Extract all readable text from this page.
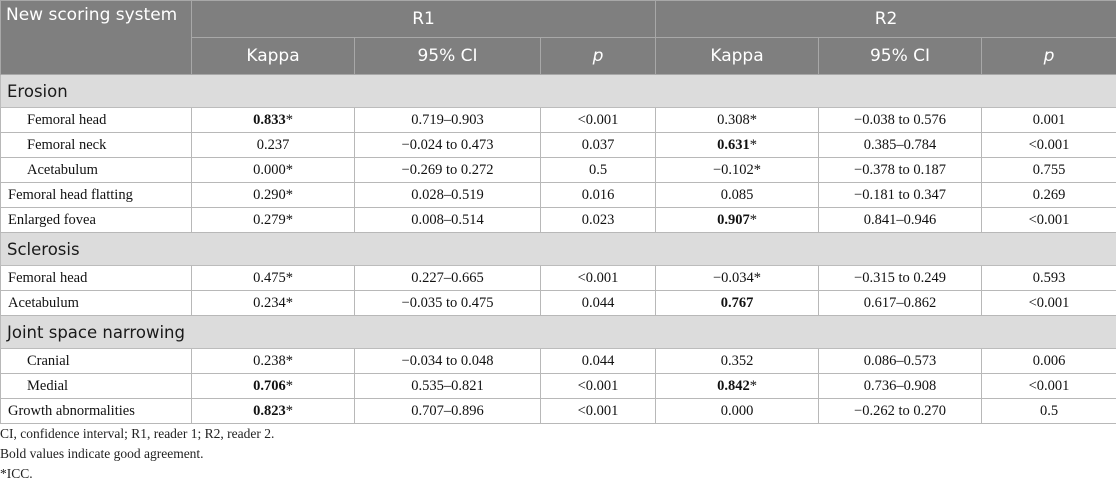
New scoring system	R1			R2		
	Kappa	95% CI	p	Kappa	95% CI	p
Erosion						
Femoral head	0.833*	0.719–0.903	<0.001	0.308*	−0.038 to 0.576	0.001
Femoral neck	0.237	−0.024 to 0.473	0.037	0.631*	0.385–0.784	<0.001
Acetabulum	0.000*	−0.269 to 0.272	0.5	−0.102*	−0.378 to 0.187	0.755
Femoral head flatting	0.290*	0.028–0.519	0.016	0.085	−0.181 to 0.347	0.269
Enlarged fovea	0.279*	0.008–0.514	0.023	0.907*	0.841–0.946	<0.001
Sclerosis						
Femoral head	0.475*	0.227–0.665	<0.001	−0.034*	−0.315 to 0.249	0.593
Acetabulum	0.234*	−0.035 to 0.475	0.044	0.767	0.617–0.862	<0.001
Joint space narrowing						
Cranial	0.238*	−0.034 to 0.048	0.044	0.352	0.086–0.573	0.006
Medial	0.706*	0.535–0.821	<0.001	0.842*	0.736–0.908	<0.001
Growth abnormalities	0.823*	0.707–0.896	<0.001	0.000	−0.262 to 0.270	0.5
CI, confidence interval; R1, reader 1; R2, reader 2.
Bold values indicate good agreement.
*ICC.
